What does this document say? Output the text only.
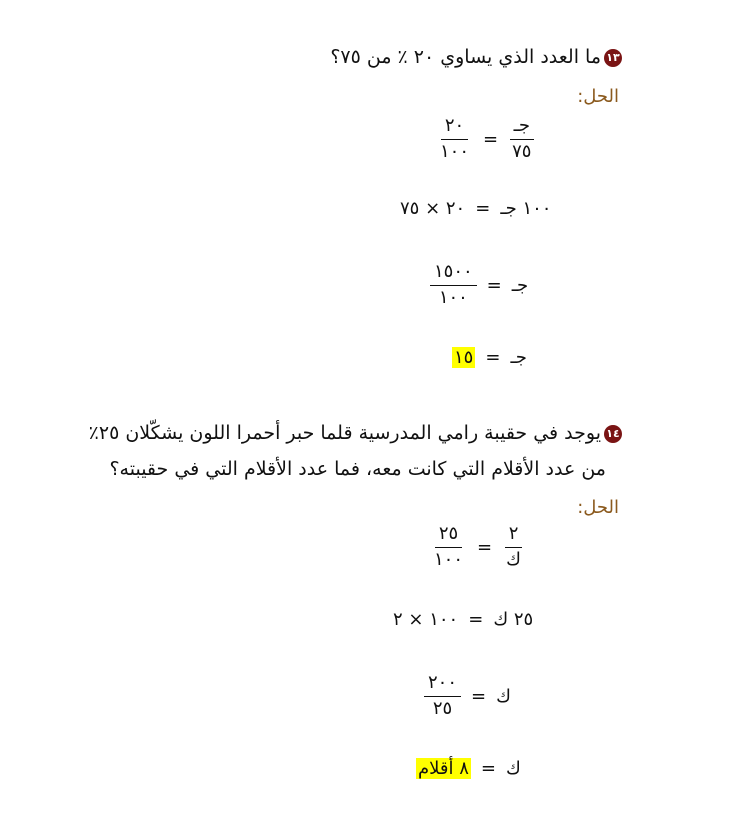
١٣ما العدد الذي يساوي ٢٠ ٪ من ٧٥؟
الحل:
$\frac{\text{جـ}}{٧٥}$
=
$\frac{٢٠}{١٠٠}$
١٠٠ جـ
=
٢٠ × ٧٥
جـ
=
$\frac{١٥٠٠}{١٠٠}$
جـ
=
١٥
١٤يوجد في حقيبة رامي المدرسية قلما حبر أحمرا اللون يشكّلان ٢٥٪
من عدد الأقلام التي كانت معه، فما عدد الأقلام التي في حقيبته؟
الحل:
$\frac{٢}{\text{ك}}$
=
$\frac{٢٥}{١٠٠}$
٢٥ ك
=
١٠٠ × ٢
ك
=
$\frac{٢٠٠}{٢٥}$
ك
=
٨ أقلام
